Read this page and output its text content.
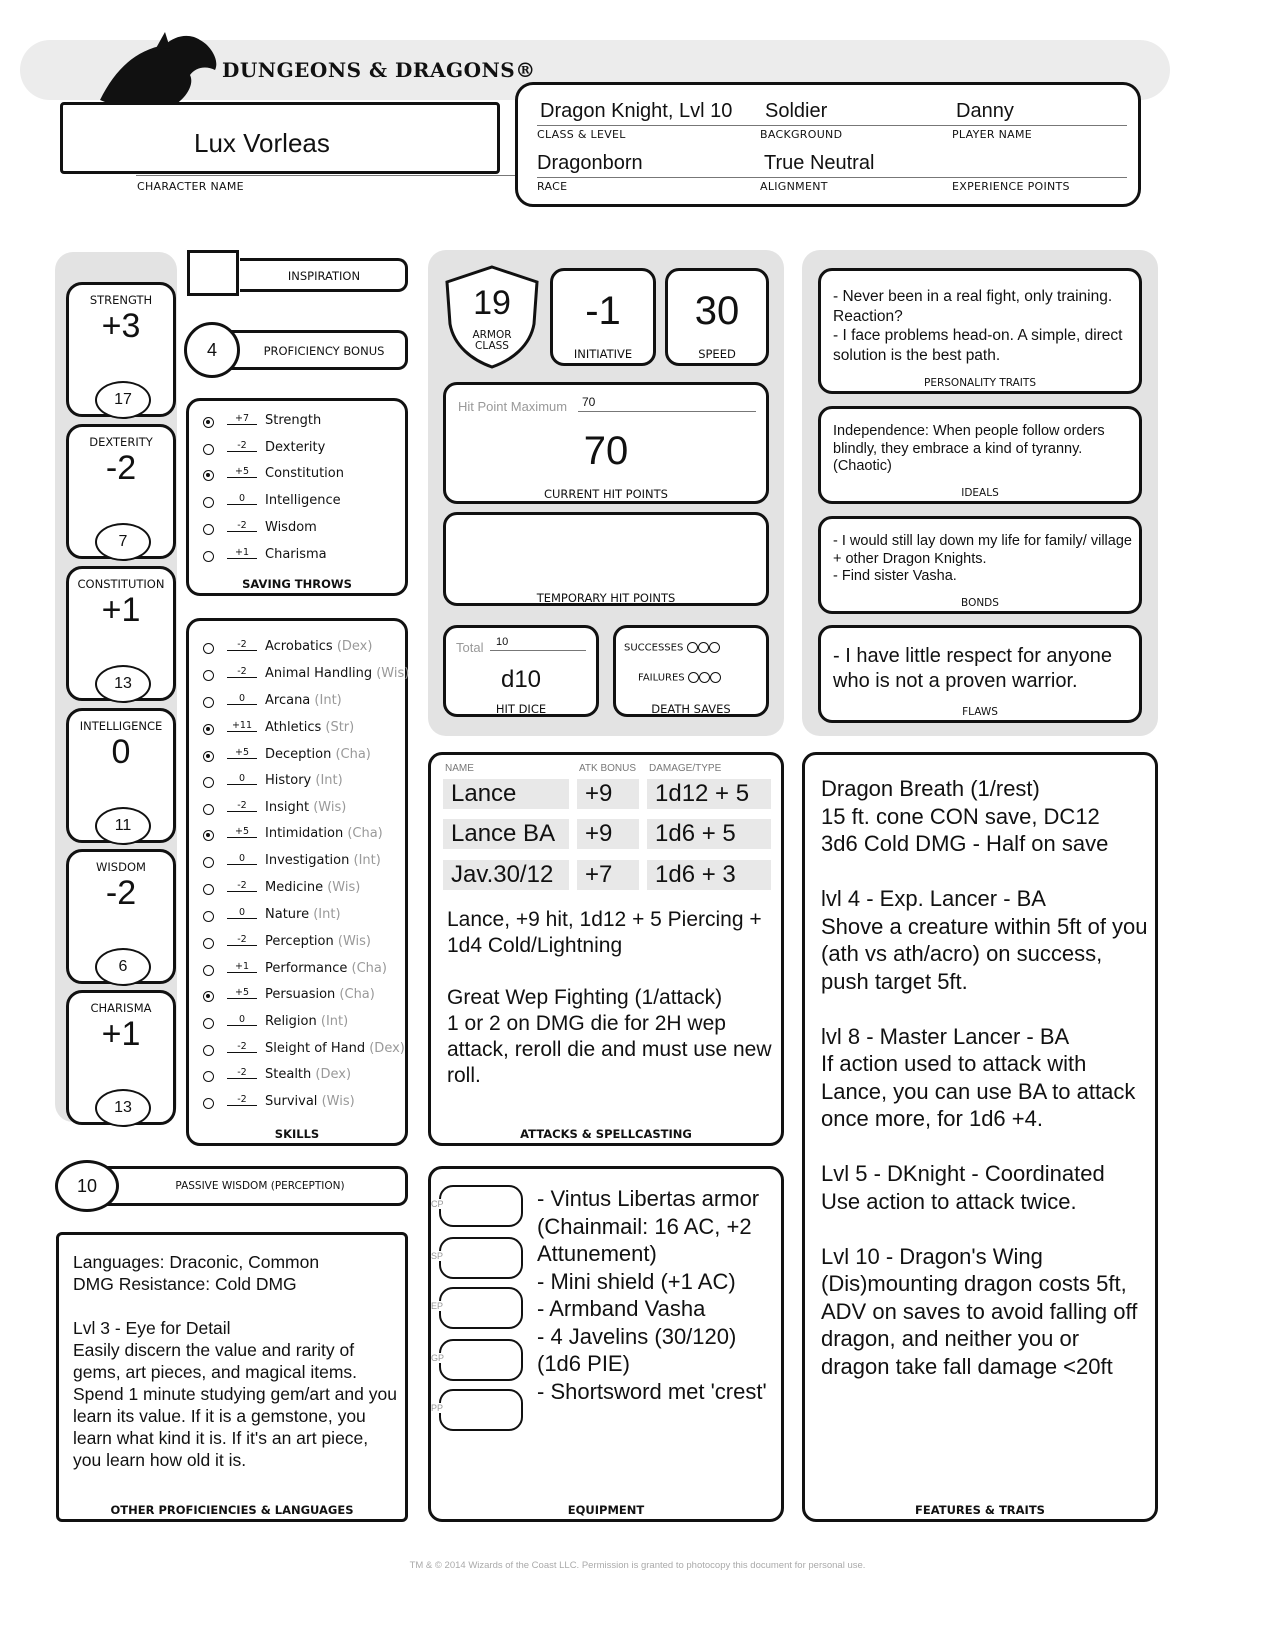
DUNGEONS & DRAGONS®
Lux Vorleas
CHARACTER NAME
Dragon Knight, Lvl 10
CLASS & LEVEL
Soldier
BACKGROUND
Danny
PLAYER NAME
Dragonborn
RACE
True Neutral
ALIGNMENT	EXPERIENCE POINTS
STRENGTH
+3
17
DEXTERITY
-2
7
CONSTITUTION
+1
13
INTELLIGENCE
0
11
WISDOM
-2
6
CHARISMA
+1
13
INSPIRATION
4	PROFICIENCY BONUS
+7	Strength
-2	Dexterity
+5	Constitution
0	Intelligence
-2	Wisdom
+1	Charisma
SAVING THROWS
-2	Acrobatics (Dex)
-2	Animal Handling (Wis)
0	Arcana (Int)
+11 Athletics (Str)
+5	Deception (Cha)
0	History (Int)
-2	Insight (Wis)
+5	Intimidation (Cha)
0	Investigation (Int)
-2	Medicine (Wis)
0	Nature (Int)
-2	Perception (Wis)
+1	Performance (Cha)
+5	Persuasion (Cha)
0	Religion (Int)
-2	Sleight of Hand (Dex)
-2	Stealth (Dex)
-2	Survival (Wis)
SKILLS
10	PASSIVE WISDOM (PERCEPTION)
Languages: Draconic, Common
DMG Resistance: Cold DMG

Lvl 3 - Eye for Detail
Easily discern the value and rarity of gems, art pieces, and magical items. Spend 1 minute studying gem/art and you learn its value. If it is a gemstone, you learn what kind it is. If it's an art piece, you learn how old it is.
OTHER PROFICIENCIES & LANGUAGES
19
ARMOR CLASS
-1
INITIATIVE
30
SPEED
Hit Point Maximum 70
70
CURRENT HIT POINTS
TEMPORARY HIT POINTS
Total 10
d10
HIT DICE
SUCCESSES
FAILURES
DEATH SAVES
NAME	ATK BONUS DAMAGE/TYPE
Lance	+9	1d12 + 5
Lance BA	+9	1d6 + 5
Jav.30/12	+7	1d6 + 3
Lance, +9 hit, 1d12 + 5 Piercing + 1d4 Cold/Lightning

Great Wep Fighting (1/attack)
1 or 2 on DMG die for 2H wep attack, reroll die and must use new roll.
ATTACKS & SPELLCASTING
CP
SP
EP
GP
PP
- Vintus Libertas armor (Chainmail: 16 AC, +2 Attunement)
- Mini shield (+1 AC)
- Armband Vasha
- 4 Javelins (30/120) (1d6 PIE)
- Shortsword met 'crest'
EQUIPMENT
- Never been in a real fight, only training. Reaction?
- I face problems head-on. A simple, direct solution is the best path.
PERSONALITY TRAITS
Independence: When people follow orders blindly, they embrace a kind of tyranny. (Chaotic)
IDEALS
- I would still lay down my life for family/ village + other Dragon Knights.
- Find sister Vasha.
BONDS
- I have little respect for anyone who is not a proven warrior.
FLAWS
Dragon Breath (1/rest)
15 ft. cone CON save, DC12
3d6 Cold DMG - Half on save

lvl 4 - Exp. Lancer - BA
Shove a creature within 5ft of you (ath vs ath/acro) on success, push target 5ft.

lvl 8 - Master Lancer - BA
If action used to attack with Lance, you can use BA to attack once more, for 1d6 +4.

Lvl 5 - DKnight - Coordinated
Use action to attack twice.

Lvl 10 - Dragon's Wing
(Dis)mounting dragon costs 5ft, ADV on saves to avoid falling off dragon, and neither you or dragon take fall damage <20ft
FEATURES & TRAITS
TM & © 2014 Wizards of the Coast LLC. Permission is granted to photocopy this document for personal use.
